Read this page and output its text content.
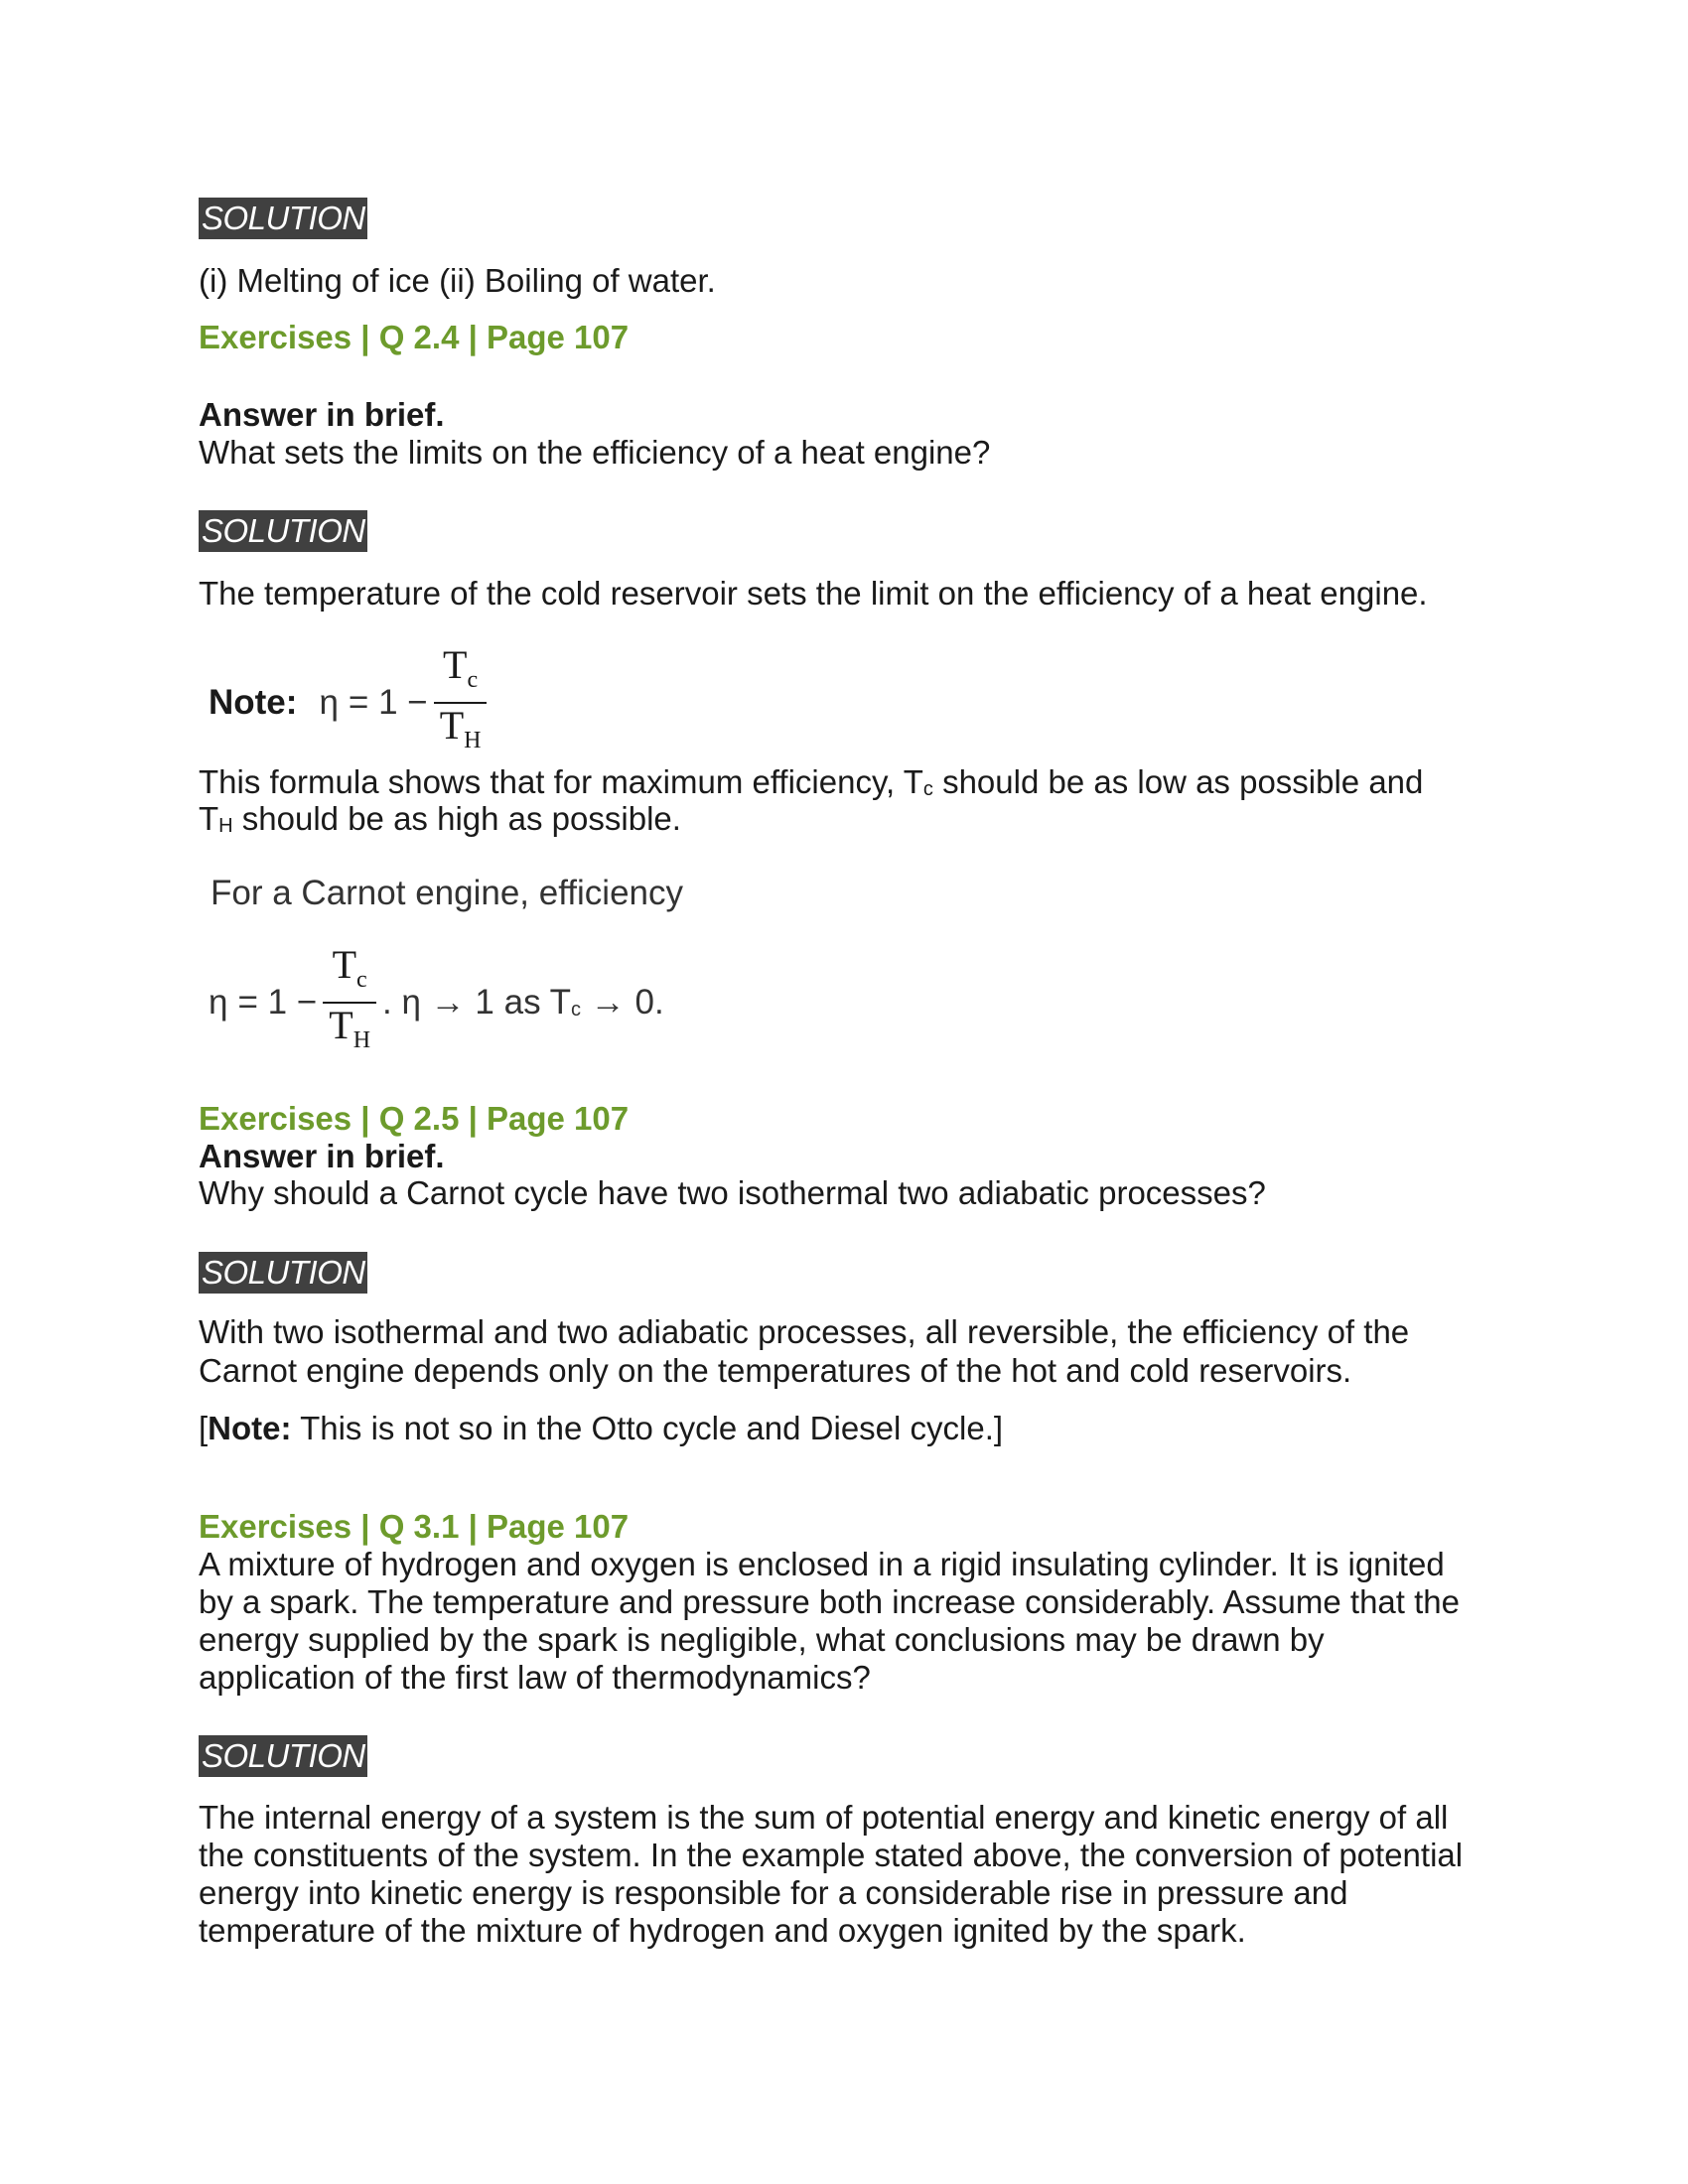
SOLUTION

(i) Melting of ice (ii) Boiling of water.

Exercises | Q 2.4 | Page 107

Answer in brief.

What sets the limits on the efficiency of a heat engine?

SOLUTION

The temperature of the cold reservoir sets the limit on the efficiency of a heat engine.

Note: $\eta = 1 - \frac{T_c}{T_H}$

This formula shows that for maximum efficiency, $T_c$ should be as low as possible and

$T_H$ should be as high as possible.

For a Carnot engine, efficiency

$\eta = 1 - \frac{T_c}{T_H}$ . η → 1 as $T_c \to 0$.

Exercises | Q 2.5 | Page 107

Answer in brief.

Why should a Carnot cycle have two isothermal two adiabatic processes?

SOLUTION

With two isothermal and two adiabatic processes, all reversible, the efficiency of the

Carnot engine depends only on the temperatures of the hot and cold reservoirs.

[Note: This is not so in the Otto cycle and Diesel cycle.]

Exercises | Q 3.1 | Page 107

A mixture of hydrogen and oxygen is enclosed in a rigid insulating cylinder. It is ignited

by a spark. The temperature and pressure both increase considerably. Assume that the

energy supplied by the spark is negligible, what conclusions may be drawn by

application of the first law of thermodynamics?

SOLUTION

The internal energy of a system is the sum of potential energy and kinetic energy of all

the constituents of the system. In the example stated above, the conversion of potential

energy into kinetic energy is responsible for a considerable rise in pressure and

temperature of the mixture of hydrogen and oxygen ignited by the spark.
